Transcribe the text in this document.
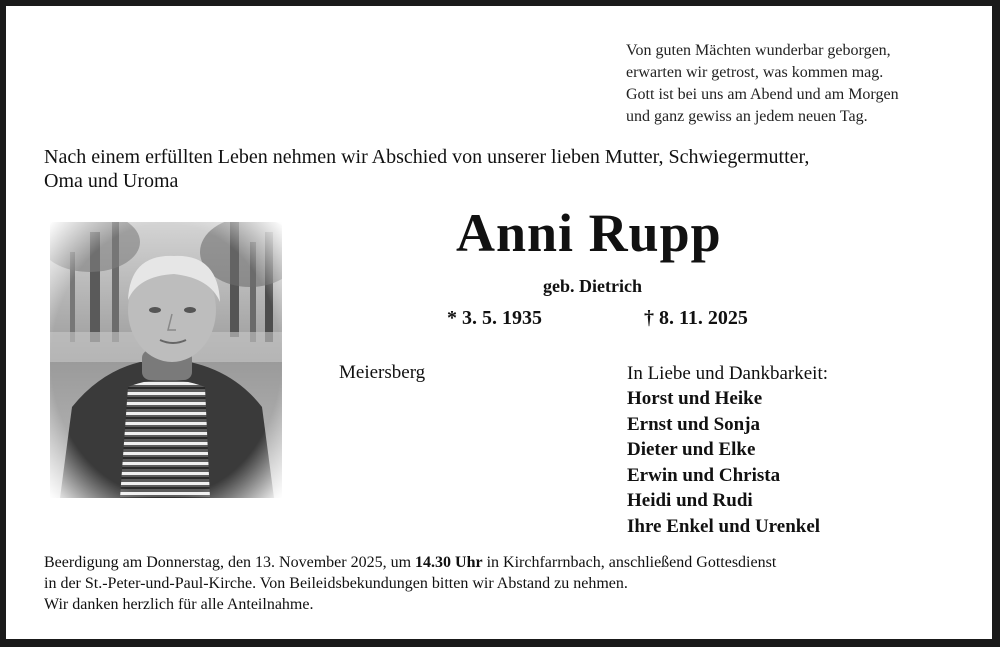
Von guten Mächten wunderbar geborgen,
erwarten wir getrost, was kommen mag.
Gott ist bei uns am Abend und am Morgen
und ganz gewiss an jedem neuen Tag.
Nach einem erfüllten Leben nehmen wir Abschied von unserer lieben Mutter, Schwiegermutter,
Oma und Uroma
Anni Rupp
geb. Dietrich
* 3. 5. 1935	† 8. 11. 2025
Meiersberg	In Liebe und Dankbarkeit:
Horst und Heike
Ernst und Sonja
Dieter und Elke
Erwin und Christa
Heidi und Rudi
Ihre Enkel und Urenkel
Beerdigung am Donnerstag, den 13. November 2025, um 14.30 Uhr in Kirchfarrnbach, anschließend Gottesdienst
in der St.-Peter-und-Paul-Kirche. Von Beileidsbekundungen bitten wir Abstand zu nehmen.
Wir danken herzlich für alle Anteilnahme.
